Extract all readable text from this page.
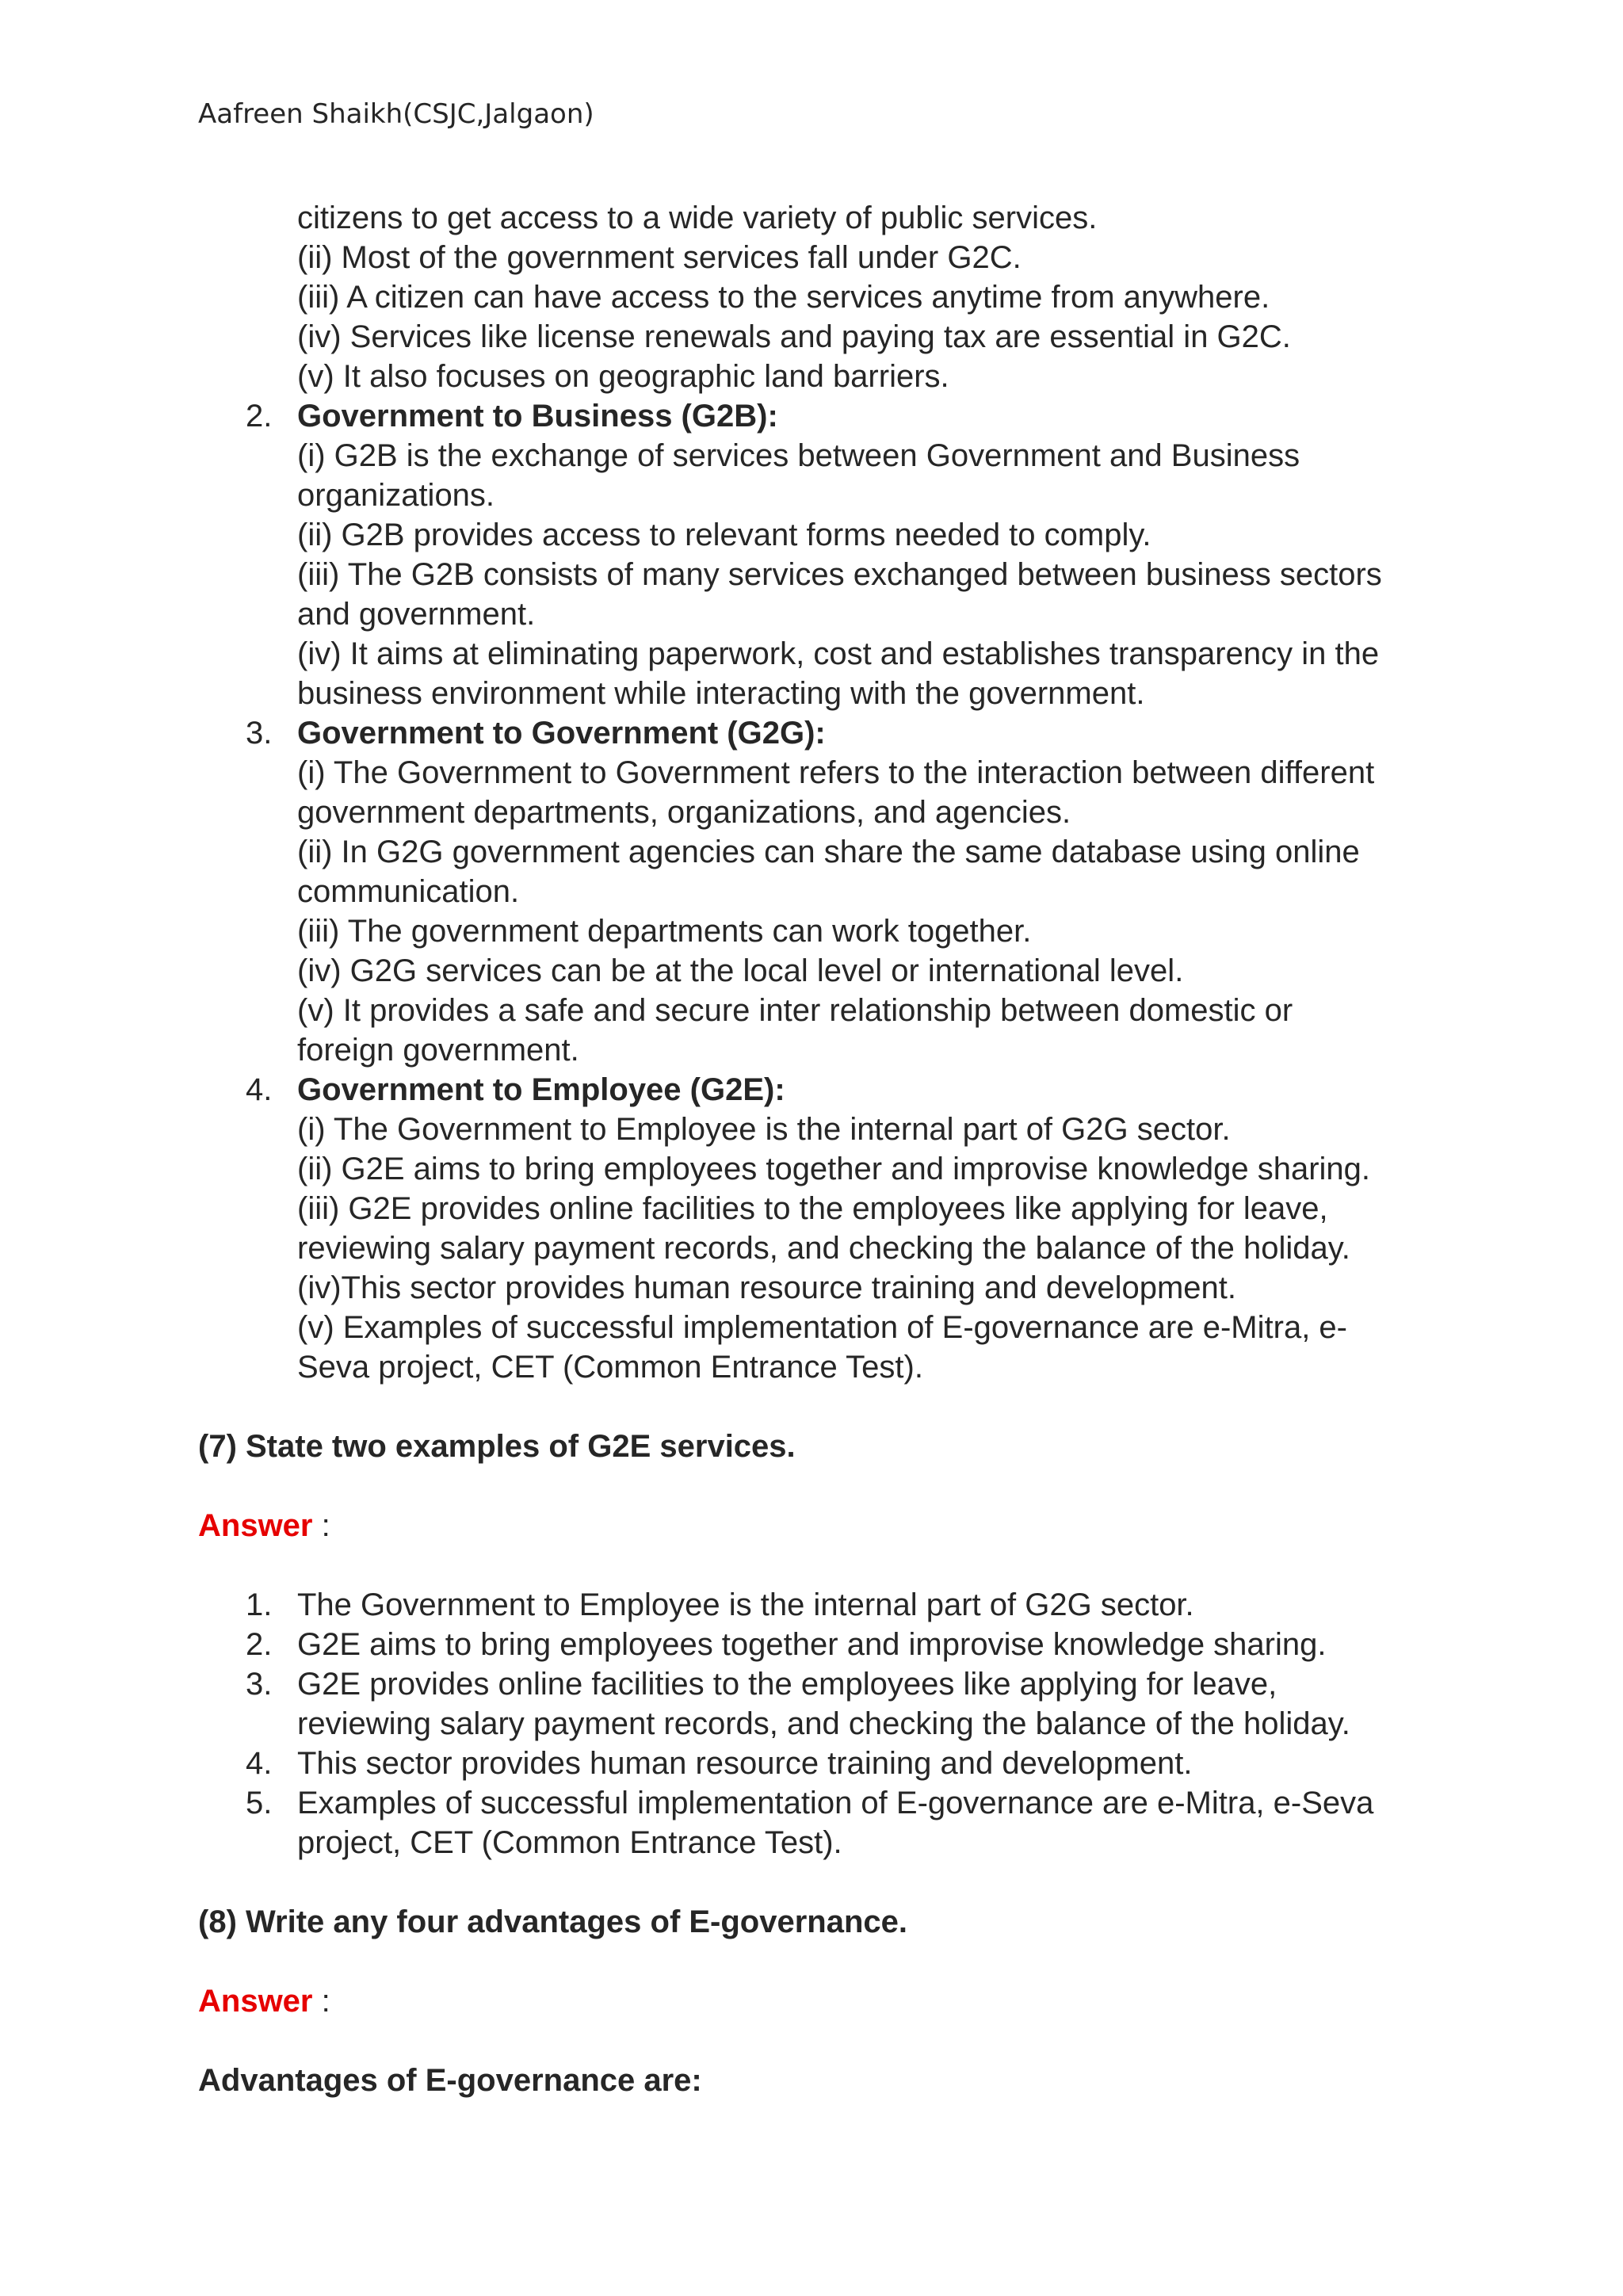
Aafreen Shaikh(CSJC,Jalgaon)
citizens to get access to a wide variety of public services.
(ii) Most of the government services fall under G2C.
(iii) A citizen can have access to the services anytime from anywhere.
(iv) Services like license renewals and paying tax are essential in G2C.
(v) It also focuses on geographic land barriers.
2. Government to Business (G2B):
(i) G2B is the exchange of services between Government and Business
organizations.
(ii) G2B provides access to relevant forms needed to comply.
(iii) The G2B consists of many services exchanged between business sectors
and government.
(iv) It aims at eliminating paperwork, cost and establishes transparency in the
business environment while interacting with the government.
3. Government to Government (G2G):
(i) The Government to Government refers to the interaction between different
government departments, organizations, and agencies.
(ii) In G2G government agencies can share the same database using online
communication.
(iii) The government departments can work together.
(iv) G2G services can be at the local level or international level.
(v) It provides a safe and secure inter relationship between domestic or
foreign government.
4. Government to Employee (G2E):
(i) The Government to Employee is the internal part of G2G sector.
(ii) G2E aims to bring employees together and improvise knowledge sharing.
(iii) G2E provides online facilities to the employees like applying for leave,
reviewing salary payment records, and checking the balance of the holiday.
(iv)This sector provides human resource training and development.
(v) Examples of successful implementation of E-governance are e-Mitra, e-
Seva project, CET (Common Entrance Test).
(7) State two examples of G2E services.
Answer :
1. The Government to Employee is the internal part of G2G sector.
2. G2E aims to bring employees together and improvise knowledge sharing.
3. G2E provides online facilities to the employees like applying for leave,
reviewing salary payment records, and checking the balance of the holiday.
4. This sector provides human resource training and development.
5. Examples of successful implementation of E-governance are e-Mitra, e-Seva
project, CET (Common Entrance Test).
(8) Write any four advantages of E-governance.
Answer :
Advantages of E-governance are:
